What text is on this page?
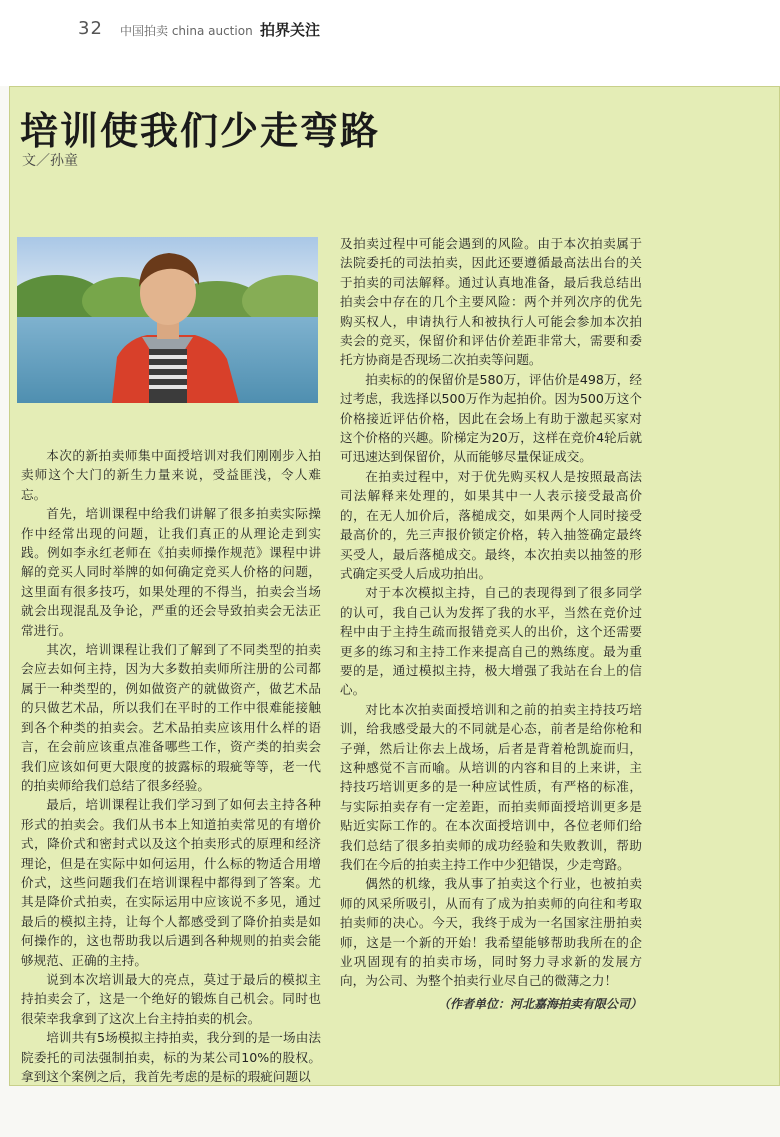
32 中国拍卖 china auction 拍界关注
培训使我们少走弯路
文／孙童

本次的新拍卖师集中面授培训对我们刚刚步入拍卖师这个大门的新生力量来说，受益匪浅，令人难忘。

首先，培训课程中给我们讲解了很多拍卖实际操作中经常出现的问题，让我们真正的从理论走到实践。例如李永红老师在《拍卖师操作规范》课程中讲解的竞买人同时举牌的如何确定竞买人价格的问题，这里面有很多技巧，如果处理的不得当，拍卖会当场就会出现混乱及争论，严重的还会导致拍卖会无法正常进行。

其次，培训课程让我们了解到了不同类型的拍卖会应去如何主持，因为大多数拍卖师所注册的公司都属于一种类型的，例如做资产的就做资产，做艺术品的只做艺术品，所以我们在平时的工作中很难能接触到各个种类的拍卖会。艺术品拍卖应该用什么样的语言，在会前应该重点准备哪些工作，资产类的拍卖会我们应该如何更大限度的披露标的瑕疵等等，老一代的拍卖师给我们总结了很多经验。

最后，培训课程让我们学习到了如何去主持各种形式的拍卖会。我们从书本上知道拍卖常见的有增价式，降价式和密封式以及这个拍卖形式的原理和经济理论，但是在实际中如何运用，什么标的物适合用增价式，这些问题我们在培训课程中都得到了答案。尤其是降价式拍卖，在实际运用中应该说不多见，通过最后的模拟主持，让每个人都感受到了降价拍卖是如何操作的，这也帮助我以后遇到各种规则的拍卖会能够规范、正确的主持。

说到本次培训最大的亮点，莫过于最后的模拟主持拍卖会了，这是一个绝好的锻炼自己机会。同时也很荣幸我拿到了这次上台主持拍卖的机会。

培训共有5场模拟主持拍卖，我分到的是一场由法院委托的司法强制拍卖，标的为某公司10%的股权。拿到这个案例之后，我首先考虑的是标的瑕疵问题以

及拍卖过程中可能会遇到的风险。由于本次拍卖属于法院委托的司法拍卖，因此还要遵循最高法出台的关于拍卖的司法解释。通过认真地准备，最后我总结出拍卖会中存在的几个主要风险：两个并列次序的优先购买权人，申请执行人和被执行人可能会参加本次拍卖会的竞买，保留价和评估价差距非常大，需要和委托方协商是否现场二次拍卖等问题。

拍卖标的的保留价是580万，评估价是498万，经过考虑，我选择以500万作为起拍价。因为500万这个价格接近评估价格，因此在会场上有助于激起买家对这个价格的兴趣。阶梯定为20万，这样在竞价4轮后就可迅速达到保留价，从而能够尽量保证成交。

在拍卖过程中，对于优先购买权人是按照最高法司法解释来处理的，如果其中一人表示接受最高价的，在无人加价后，落槌成交，如果两个人同时接受最高价的，先三声报价锁定价格，转入抽签确定最终买受人，最后落槌成交。最终，本次拍卖以抽签的形式确定买受人后成功拍出。

对于本次模拟主持，自己的表现得到了很多同学的认可，我自己认为发挥了我的水平，当然在竞价过程中由于主持生疏而报错竞买人的出价，这个还需要更多的练习和主持工作来提高自己的熟练度。最为重要的是，通过模拟主持，极大增强了我站在台上的信心。

对比本次拍卖面授培训和之前的拍卖主持技巧培训，给我感受最大的不同就是心态，前者是给你枪和子弹，然后让你去上战场，后者是背着枪凯旋而归，这种感觉不言而喻。从培训的内容和目的上来讲，主持技巧培训更多的是一种应试性质，有严格的标准，与实际拍卖存有一定差距，而拍卖师面授培训更多是贴近实际工作的。在本次面授培训中，各位老师们给我们总结了很多拍卖师的成功经验和失败教训，帮助我们在今后的拍卖主持工作中少犯错误，少走弯路。

偶然的机缘，我从事了拍卖这个行业，也被拍卖师的风采所吸引，从而有了成为拍卖师的向往和考取拍卖师的决心。今天，我终于成为一名国家注册拍卖师，这是一个新的开始！我希望能够帮助我所在的企业巩固现有的拍卖市场，同时努力寻求新的发展方向，为公司、为整个拍卖行业尽自己的微薄之力！

（作者单位：河北嘉海拍卖有限公司）
